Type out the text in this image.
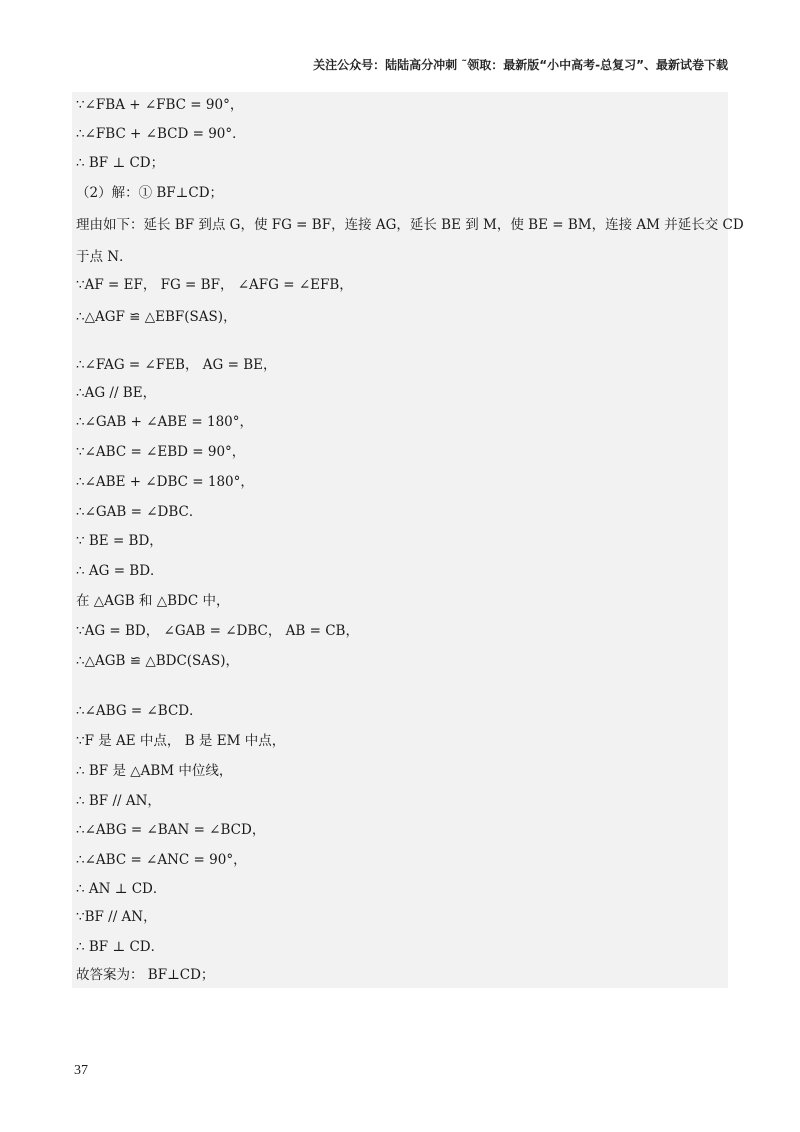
关注公众号：陆陆高分冲刺 ˜领取：最新版“小中高考-总复习”、最新试卷下载
∵∠FBA + ∠FBC = 90°，
∴∠FBC + ∠BCD = 90°．
∴ BF ⊥ CD；
（2）解：① BF⊥CD；
理由如下：延长 BF 到点 G，使 FG = BF，连接 AG，延长 BE 到 M，使 BE = BM，连接 AM 并延长交 CD
于点 N．
∵AF = EF， FG = BF， ∠AFG = ∠EFB，
∴△AGF ≌ △EBF(SAS)，
∴∠FAG = ∠FEB， AG = BE，
∴AG // BE，
∴∠GAB + ∠ABE = 180°，
∵∠ABC = ∠EBD = 90°，
∴∠ABE + ∠DBC = 180°，
∴∠GAB = ∠DBC．
∵ BE = BD，
∴ AG = BD．
在 △AGB 和 △BDC 中，
∵AG = BD， ∠GAB = ∠DBC， AB = CB，
∴△AGB ≌ △BDC(SAS)，
∴∠ABG = ∠BCD．
∵F 是 AE 中点， B 是 EM 中点，
∴ BF 是 △ABM 中位线，
∴ BF // AN，
∴∠ABG = ∠BAN = ∠BCD，
∴∠ABC = ∠ANC = 90°，
∴ AN ⊥ CD．
∵BF // AN，
∴ BF ⊥ CD．
故答案为： BF⊥CD；
37
